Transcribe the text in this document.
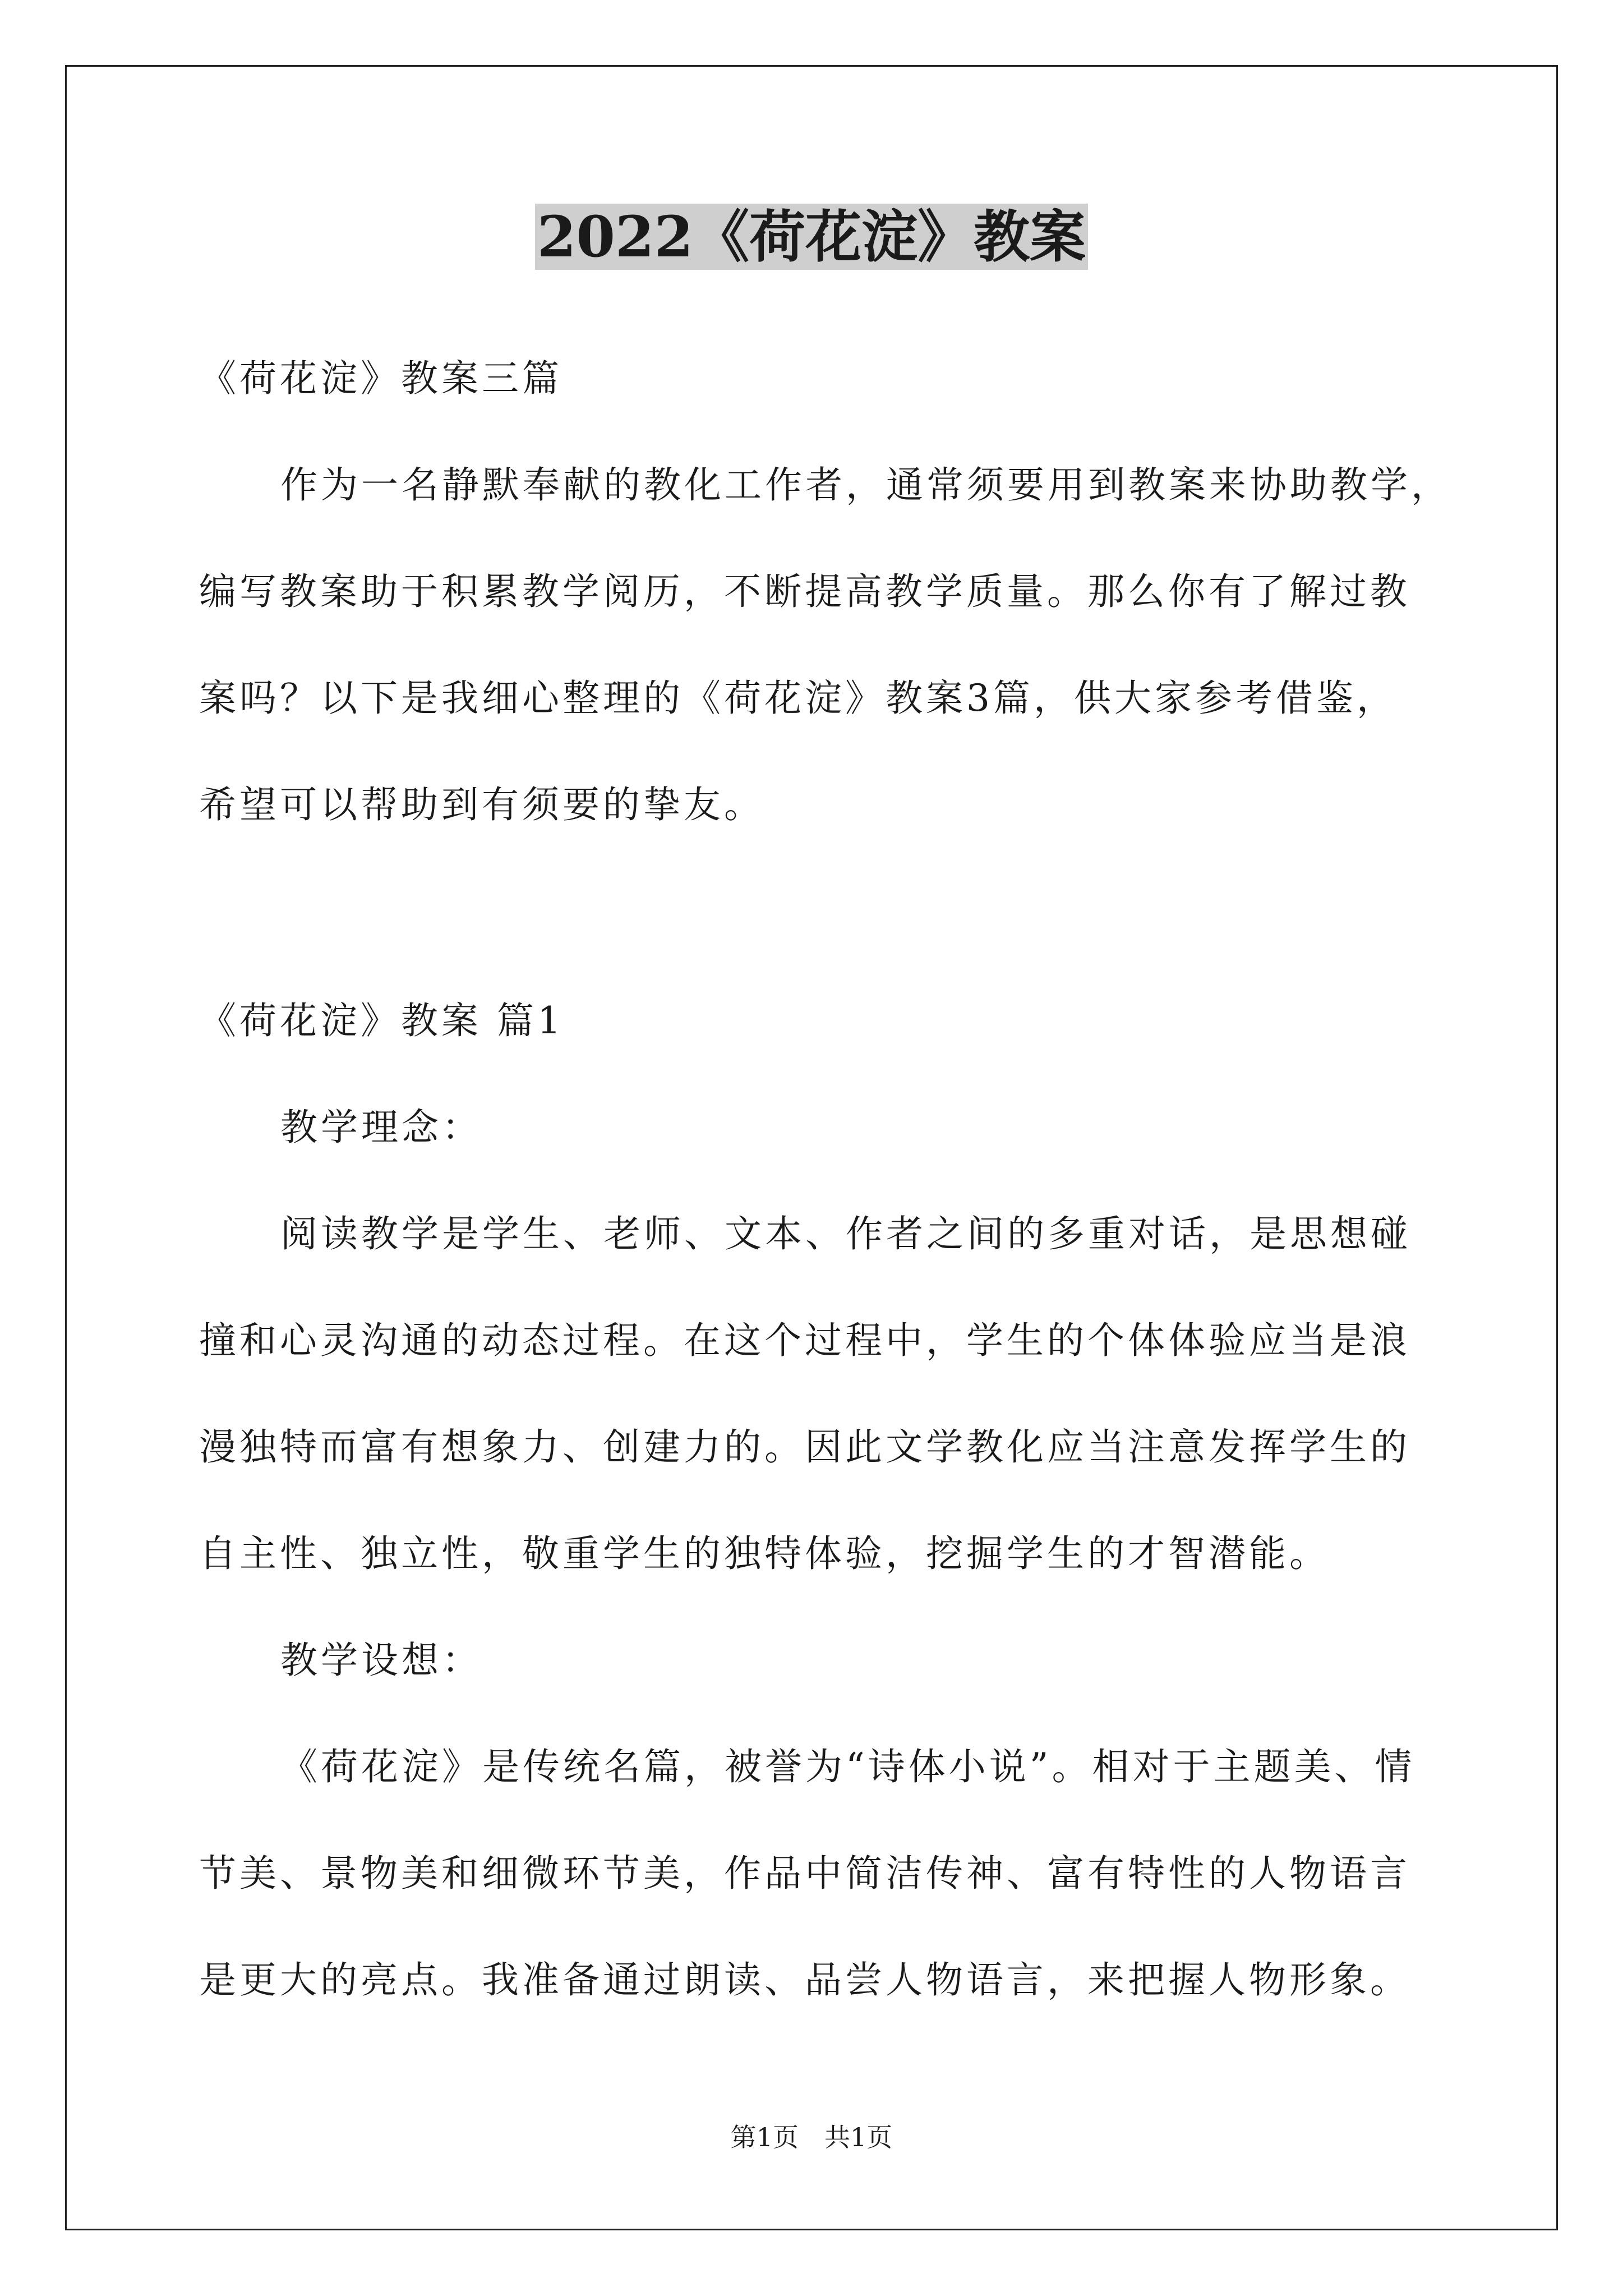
2022《荷花淀》教案
《荷花淀》教案三篇
作为一名静默奉献的教化工作者，通常须要用到教案来协助教学，
编写教案助于积累教学阅历，不断提高教学质量。那么你有了解过教
案吗？以下是我细心整理的《荷花淀》教案3篇，供大家参考借鉴，
希望可以帮助到有须要的挚友。
《荷花淀》教案 篇1
教学理念：
阅读教学是学生、老师、文本、作者之间的多重对话，是思想碰
撞和心灵沟通的动态过程。在这个过程中，学生的个体体验应当是浪
漫独特而富有想象力、创建力的。因此文学教化应当注意发挥学生的
自主性、独立性，敬重学生的独特体验，挖掘学生的才智潜能。
教学设想：
《荷花淀》是传统名篇，被誉为“诗体小说”。相对于主题美、情
节美、景物美和细微环节美，作品中简洁传神、富有特性的人物语言
是更大的亮点。我准备通过朗读、品尝人物语言，来把握人物形象。
第1页　共1页
